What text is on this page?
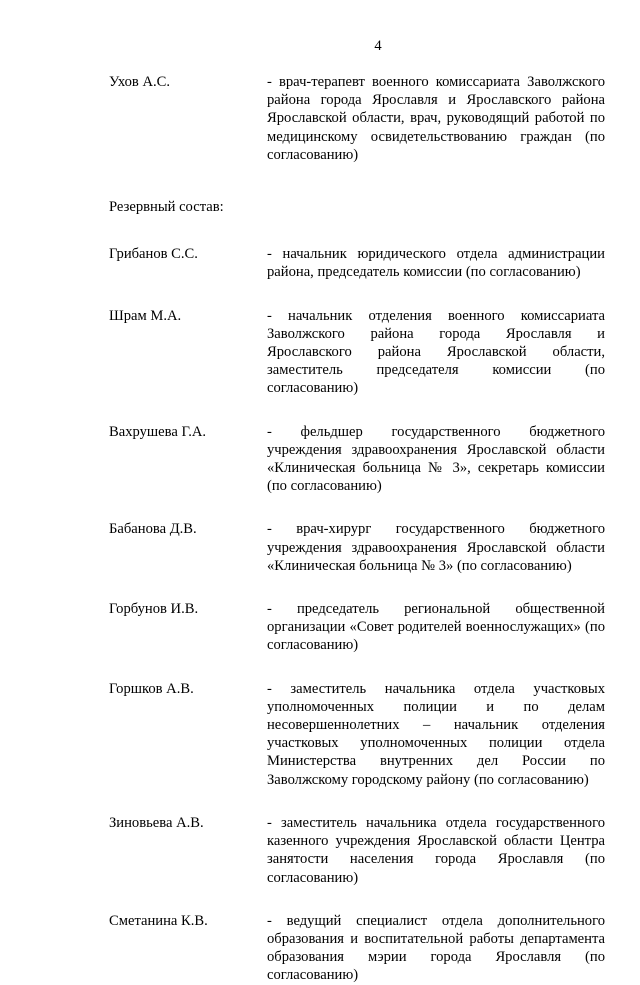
4
Ухов А.С.	- врач-терапевт военного комиссариата Заволжского района города Ярославля и Ярославского района Ярославской области, врач, руководящий работой по медицинскому освидетельствованию граждан (по согласованию)
Резервный состав:
Грибанов С.С.	- начальник юридического отдела администрации района, председатель комиссии (по согласованию)
Шрам М.А.	- начальник отделения военного комиссариата Заволжского района города Ярославля и Ярославского района Ярославской области, заместитель председателя комиссии (по согласованию)
Вахрушева Г.А.	- фельдшер государственного бюджетного учреждения здравоохранения Ярославской области «Клиническая больница № 3», секретарь комиссии (по согласованию)
Бабанова Д.В.	- врач-хирург государственного бюджетного учреждения здравоохранения Ярославской области «Клиническая больница № 3» (по согласованию)
Горбунов И.В.	- председатель региональной общественной организации «Совет родителей военнослужащих» (по согласованию)
Горшков А.В.	- заместитель начальника отдела участковых уполномоченных полиции и по делам несовершеннолетних – начальник отделения участковых уполномоченных полиции отдела Министерства внутренних дел России по Заволжскому городскому району (по согласованию)
Зиновьева А.В.	- заместитель начальника отдела государственного казенного учреждения Ярославской области Центра занятости населения города Ярославля (по согласованию)
Сметанина К.В.	- ведущий специалист отдела дополнительного образования и воспитательной работы департамента образования мэрии города Ярославля (по согласованию)
